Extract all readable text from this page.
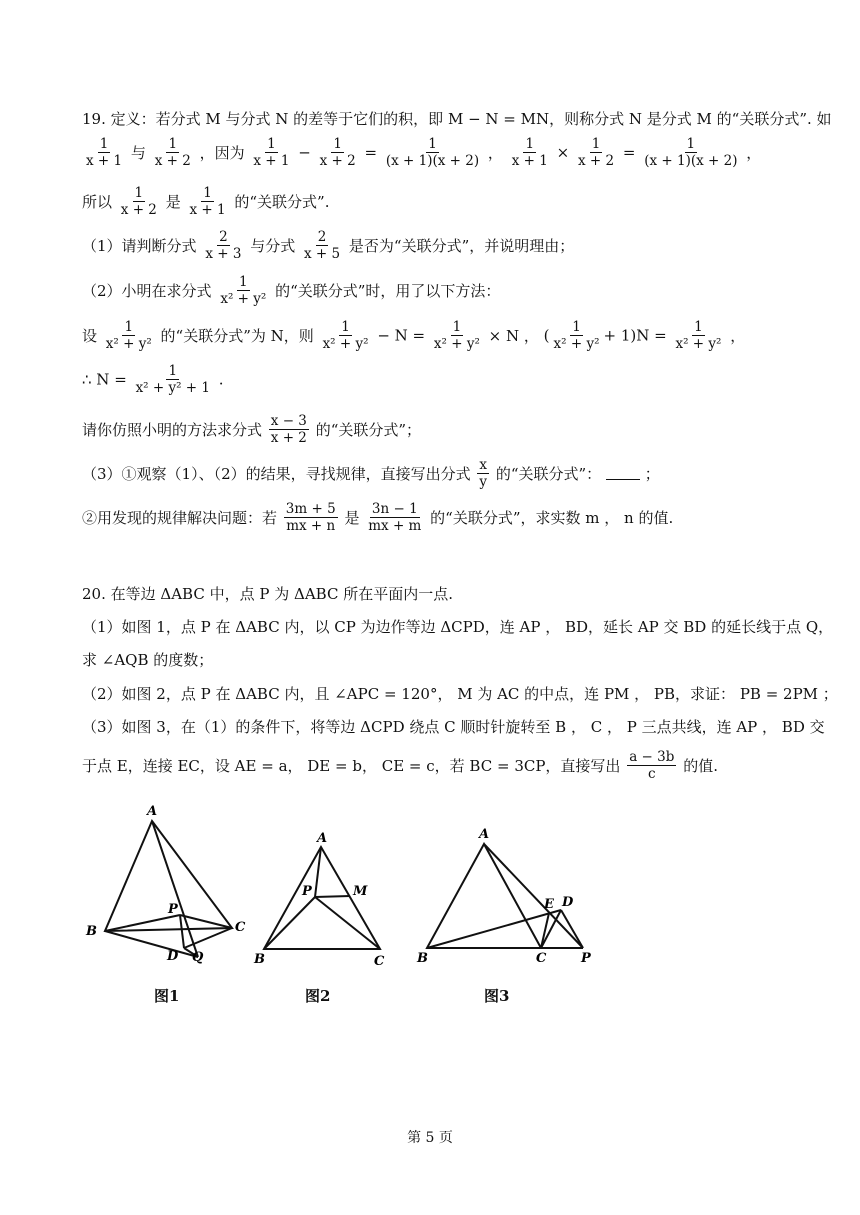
19. 定义：若分式 M 与分式 N 的差等于它们的积，即 M − N = MN，则称分式 N 是分式 M 的“关联分式”. 如
$\frac{1}{x + 1}$ 与 $\frac{1}{x + 2}$ ，因为 $\frac{1}{x + 1} - \frac{1}{x + 2} = \frac{1}{(x + 1)(x + 2)}$ ， $\frac{1}{x + 1} \times \frac{1}{x + 2} = \frac{1}{(x + 1)(x + 2)}$ ，
所以 $\frac{1}{x + 2}$ 是 $\frac{1}{x + 1}$ 的“关联分式”.
（1）请判断分式 $\frac{2}{x + 3}$ 与分式 $\frac{2}{x + 5}$ 是否为“关联分式”，并说明理由；
（2）小明在求分式 $\frac{1}{\text{x² + y²}}$ 的“关联分式”时，用了以下方法：
设 $\frac{1}{\text{x² + y²}}$ 的“关联分式”为 N，则 $\frac{1}{\text{x² + y²}} - N = \frac{1}{\text{x² + y²}} \times N$ ， ( $\frac{1}{\text{x² + y²}} + 1)N = \frac{1}{\text{x² + y²}}$ ，
∴ $N = \frac{1}{\text{x² + y² + 1}}$ .
请你仿照小明的方法求分式 $\frac{x - 3}{x + 2}$ 的“关联分式”；
（3）①观察（1）、（2）的结果，寻找规律，直接写出分式 $\frac{x}{y}$ 的“关联分式”：	；
②用发现的规律解决问题：若 $\frac{3m + 5}{mx + n}$ 是 $\frac{3n - 1}{mx + m}$ 的“关联分式”，求实数 m ， n 的值.
20. 在等边 ΔABC 中，点 P 为 ΔABC 所在平面内一点.
（1）如图 1，点 P 在 ΔABC 内，以 CP 为边作等边 ΔCPD，连 AP ， BD，延长 AP 交 BD 的延长线于点 Q，
求 ∠AQB 的度数；
（2）如图 2，点 P 在 ΔABC 内，且 ∠APC = 120°， M 为 AC 的中点，连 PM ， PB，求证： PB = 2PM ；
（3）如图 3，在（1）的条件下，将等边 ΔCPD 绕点 C 顺时针旋转至 B ， C ， P 三点共线，连 AP ， BD 交
于点 E，连接 EC，设 AE = a， DE = b， CE = c，若 BC = 3CP，直接写出 $\frac{a - 3b}{c}$ 的值.
A
B	C
P
D Q
图1
A
B	C
P	M
图2
A
B	C	P
E D
图3
第 5 页
